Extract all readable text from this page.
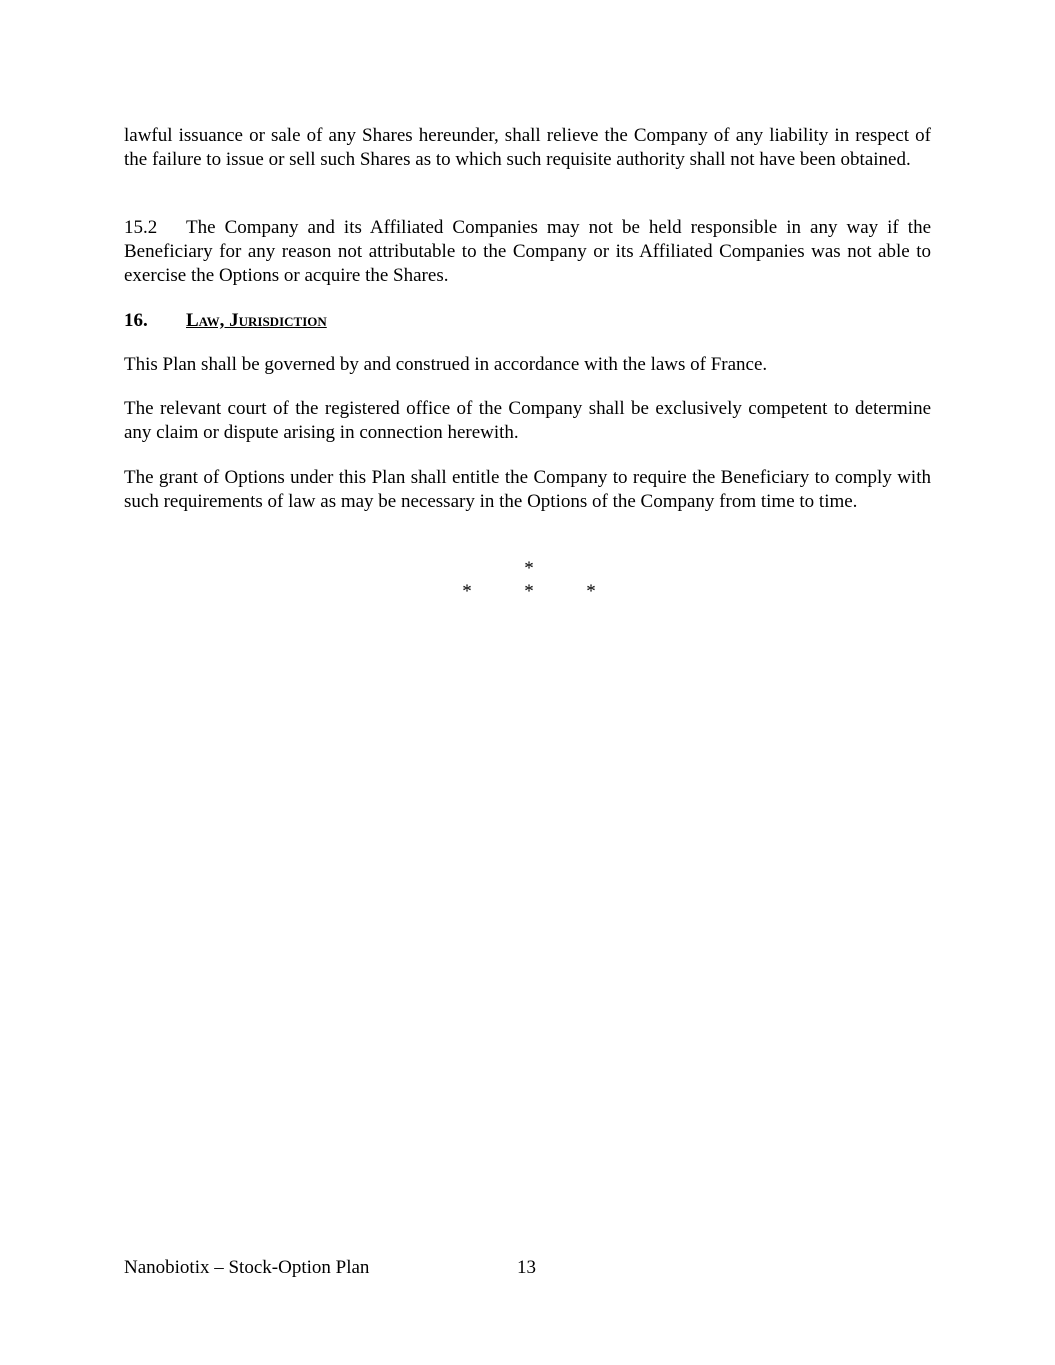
lawful issuance or sale of any Shares hereunder, shall relieve the Company of any liability in respect of the failure to issue or sell such Shares as to which such requisite authority shall not have been obtained.

15.2 The Company and its Affiliated Companies may not be held responsible in any way if the Beneficiary for any reason not attributable to the Company or its Affiliated Companies was not able to exercise the Options or acquire the Shares.

16. Law, Jurisdiction

This Plan shall be governed by and construed in accordance with the laws of France.

The relevant court of the registered office of the Company shall be exclusively competent to determine any claim or dispute arising in connection herewith.

The grant of Options under this Plan shall entitle the Company to require the Beneficiary to comply with such requirements of law as may be necessary in the Options of the Company from time to time.

*
*	*	*
Nanobiotix – Stock-Option Plan	13
